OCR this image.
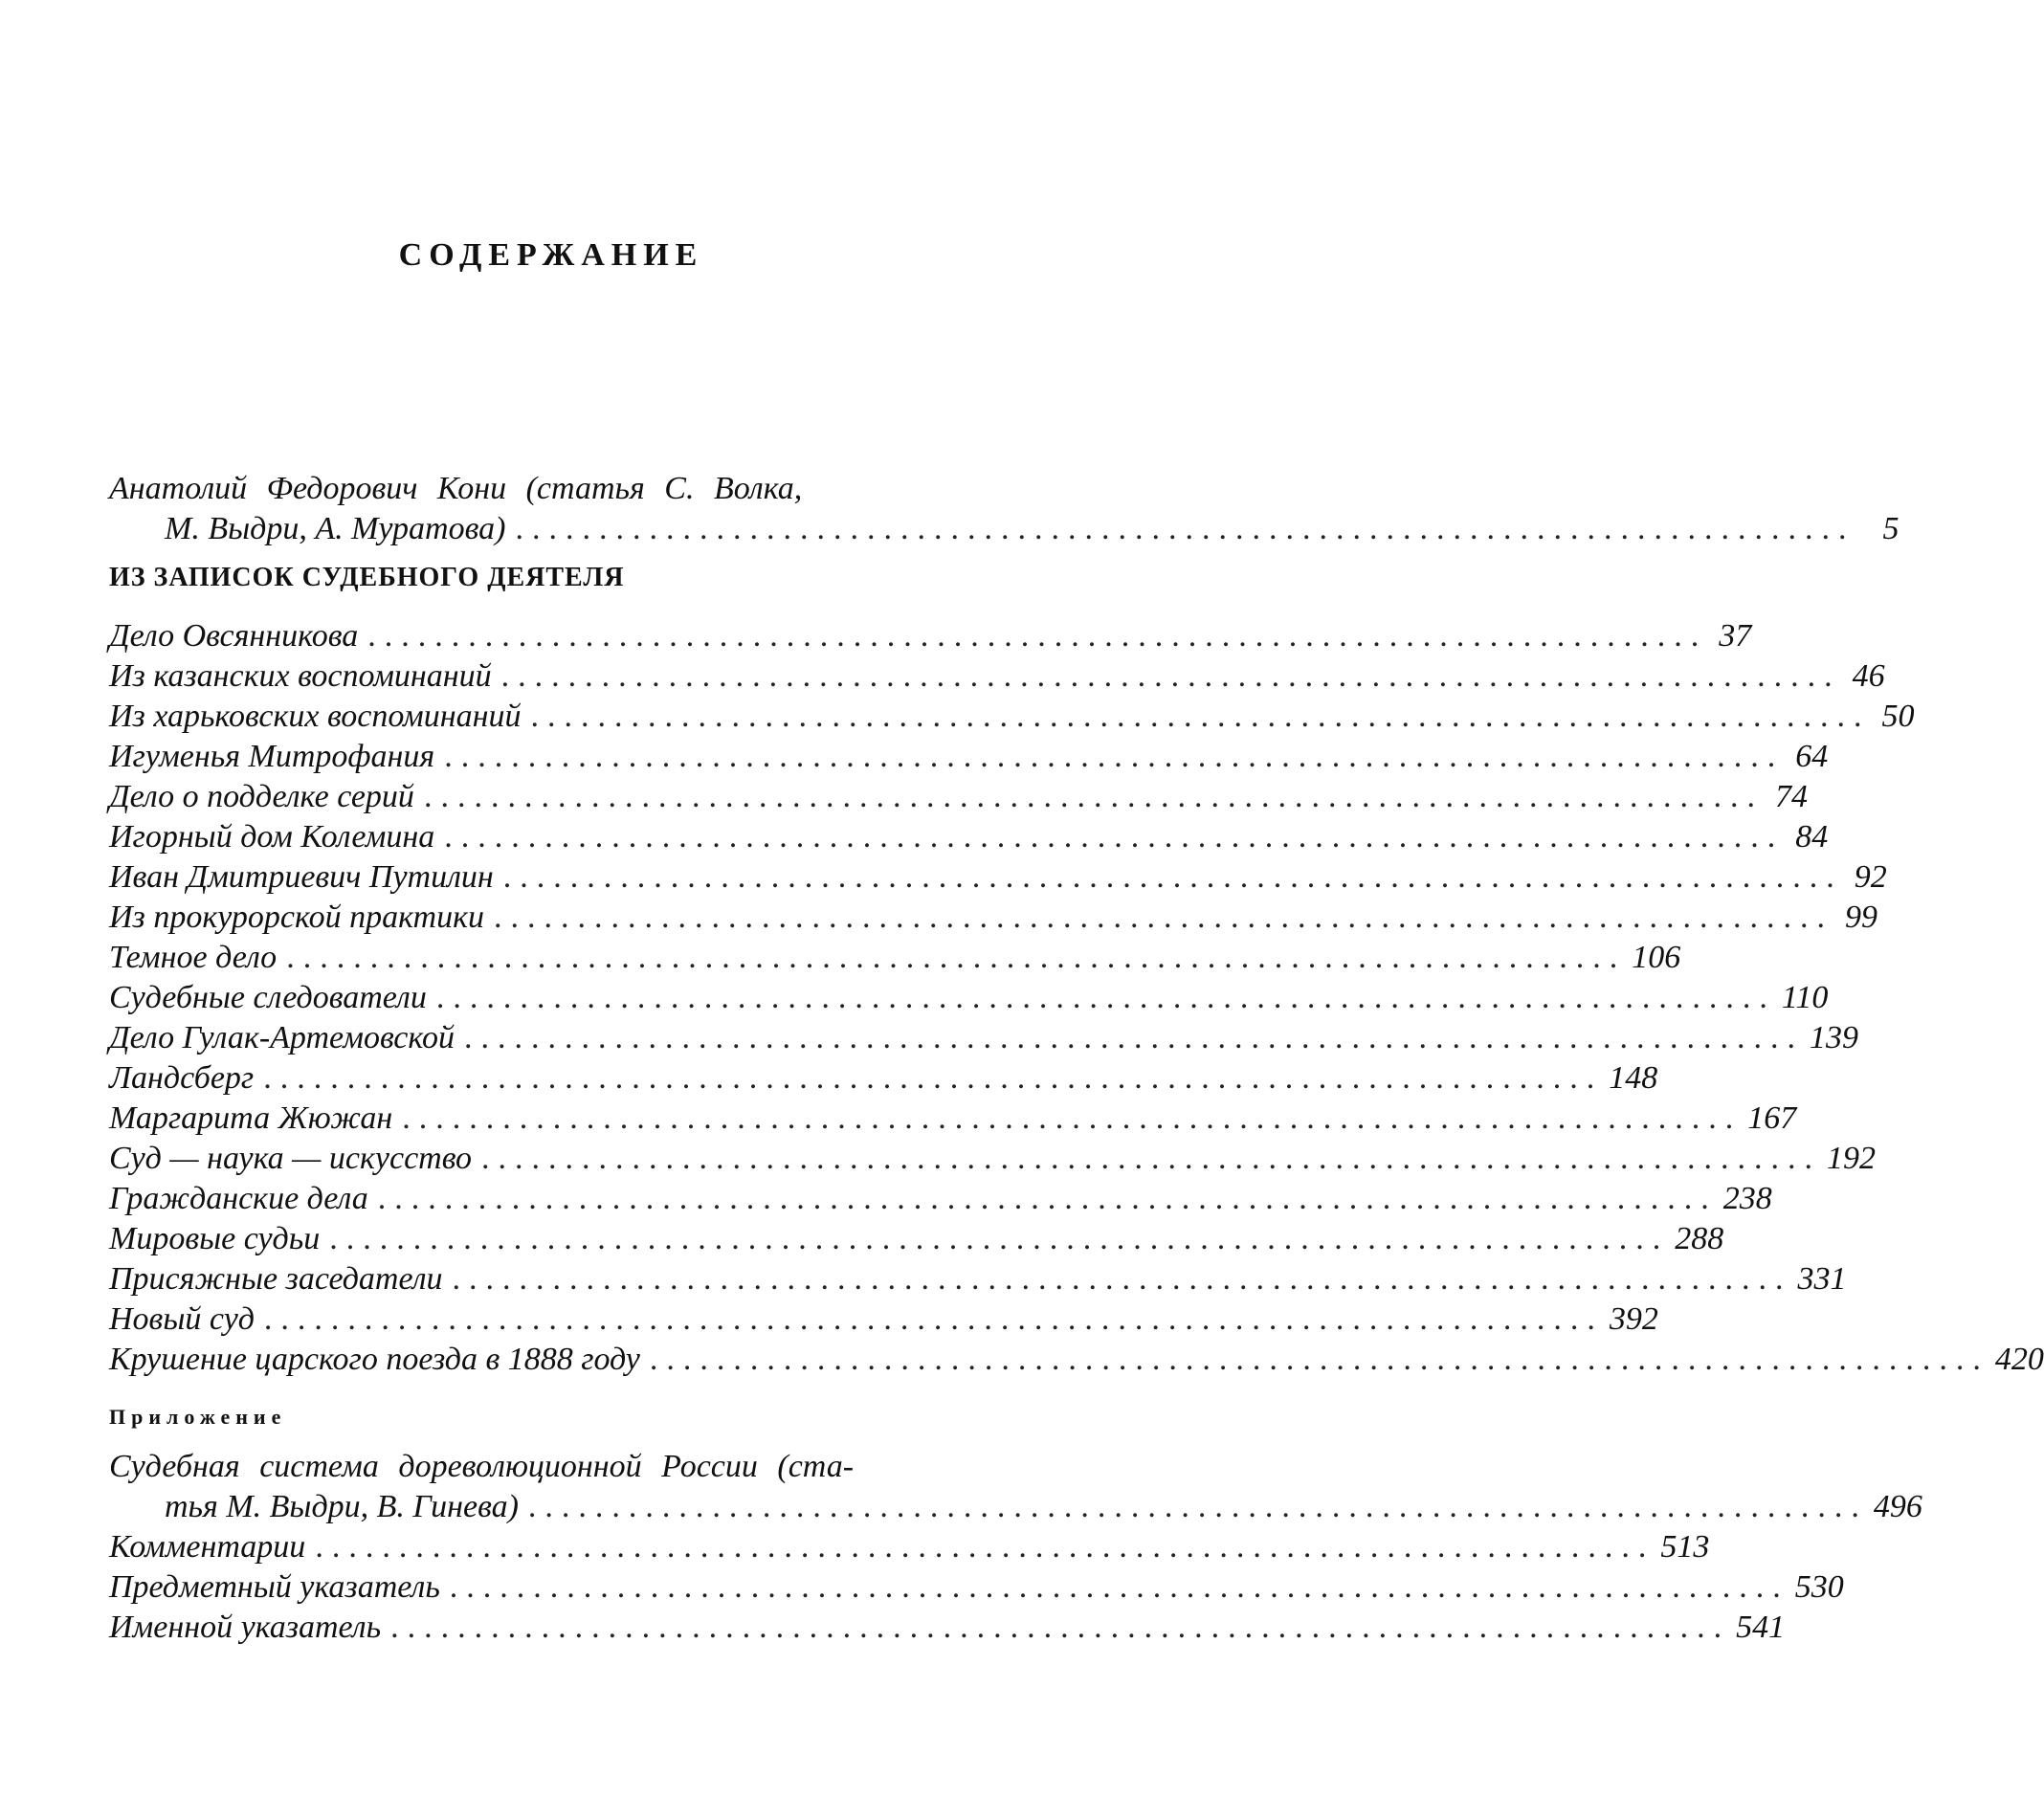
СОДЕРЖАНИЕ
Анатолий Федорович Кони (статья С. Волка,
М. Выдри, А. Муратова) ................................................................................ 5
ИЗ ЗАПИСОК СУДЕБНОГО ДЕЯТЕЛЯ
Дело Овсянникова ................................................................................ 37
Из казанских воспоминаний ................................................................................ 46
Из харьковских воспоминаний ................................................................................ 50
Игуменья Митрофания ................................................................................ 64
Дело о подделке серий ................................................................................ 74
Игорный дом Колемина ................................................................................ 84
Иван Дмитриевич Путилин ................................................................................ 92
Из прокурорской практики ................................................................................ 99
Темное дело ................................................................................ 106
Судебные следователи ................................................................................ 110
Дело Гулак-Артемовской ................................................................................ 139
Ландсберг ................................................................................ 148
Маргарита Жюжан ................................................................................ 167
Суд — наука — искусство ................................................................................ 192
Гражданские дела ................................................................................ 238
Мировые судьи ................................................................................ 288
Присяжные заседатели ................................................................................ 331
Новый суд ................................................................................ 392
Крушение царского поезда в 1888 году ................................................................................ 420
Приложение
Судебная система дореволюционной России (ста-
тья М. Выдри, В. Гинева) ................................................................................ 496
Комментарии ................................................................................ 513
Предметный указатель ................................................................................ 530
Именной указатель ................................................................................ 541
